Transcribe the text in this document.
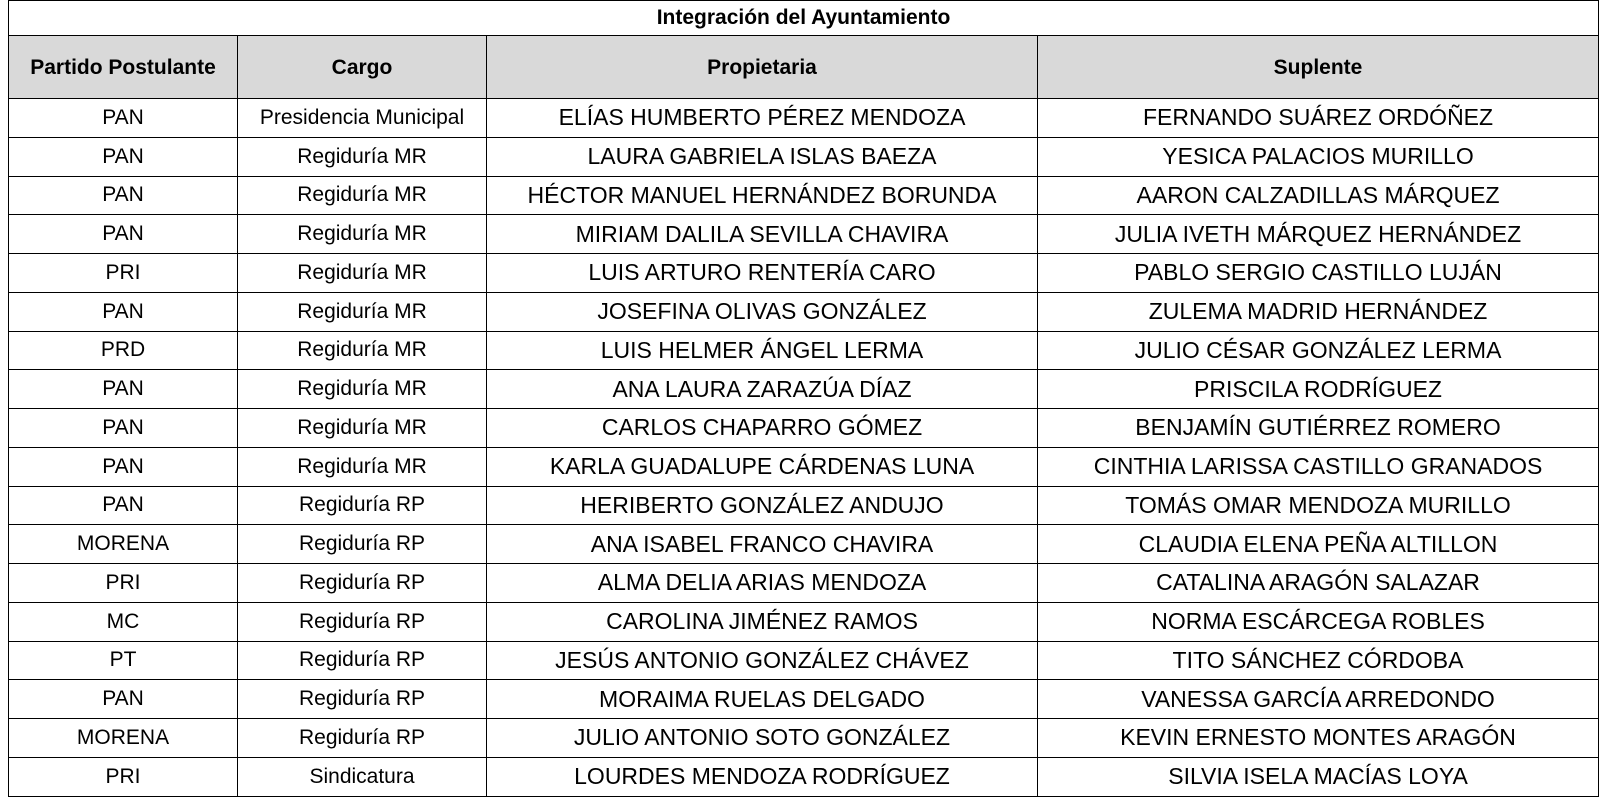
Integración del Ayuntamiento			
Partido Postulante	Cargo	Propietaria	Suplente
PAN	Presidencia Municipal	ELÍAS HUMBERTO PÉREZ MENDOZA	FERNANDO SUÁREZ ORDÓÑEZ
PAN	Regiduría MR	LAURA GABRIELA ISLAS BAEZA	YESICA PALACIOS MURILLO
PAN	Regiduría MR	HÉCTOR MANUEL HERNÁNDEZ BORUNDA	AARON CALZADILLAS MÁRQUEZ
PAN	Regiduría MR	MIRIAM DALILA SEVILLA CHAVIRA	JULIA IVETH MÁRQUEZ HERNÁNDEZ
PRI	Regiduría MR	LUIS ARTURO RENTERÍA CARO	PABLO SERGIO CASTILLO LUJÁN
PAN	Regiduría MR	JOSEFINA OLIVAS GONZÁLEZ	ZULEMA MADRID HERNÁNDEZ
PRD	Regiduría MR	LUIS HELMER ÁNGEL LERMA	JULIO CÉSAR GONZÁLEZ LERMA
PAN	Regiduría MR	ANA LAURA ZARAZÚA DÍAZ	PRISCILA RODRÍGUEZ
PAN	Regiduría MR	CARLOS CHAPARRO GÓMEZ	BENJAMÍN GUTIÉRREZ ROMERO
PAN	Regiduría MR	KARLA GUADALUPE CÁRDENAS LUNA	CINTHIA LARISSA CASTILLO GRANADOS
PAN	Regiduría RP	HERIBERTO GONZÁLEZ ANDUJO	TOMÁS OMAR MENDOZA MURILLO
MORENA	Regiduría RP	ANA ISABEL FRANCO CHAVIRA	CLAUDIA ELENA PEÑA ALTILLON
PRI	Regiduría RP	ALMA DELIA ARIAS MENDOZA	CATALINA ARAGÓN SALAZAR
MC	Regiduría RP	CAROLINA JIMÉNEZ RAMOS	NORMA ESCÁRCEGA ROBLES
PT	Regiduría RP	JESÚS ANTONIO GONZÁLEZ CHÁVEZ	TITO SÁNCHEZ CÓRDOBA
PAN	Regiduría RP	MORAIMA RUELAS DELGADO	VANESSA GARCÍA ARREDONDO
MORENA	Regiduría RP	JULIO ANTONIO SOTO GONZÁLEZ	KEVIN ERNESTO MONTES ARAGÓN
PRI	Sindicatura	LOURDES MENDOZA RODRÍGUEZ	SILVIA ISELA MACÍAS LOYA
